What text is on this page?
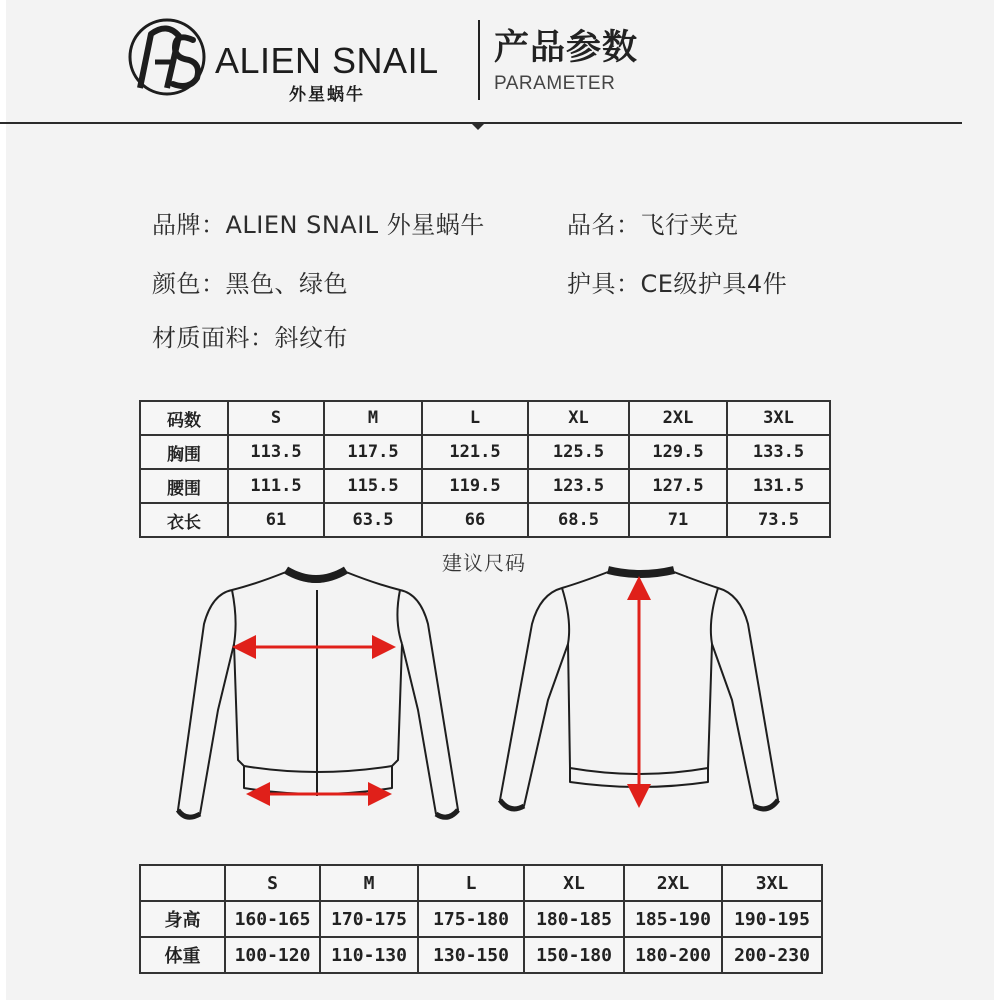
ALIEN SNAIL
外星蜗牛
产品参数
PARAMETER
品牌：ALIEN SNAIL 外星蜗牛	品名：飞行夹克
颜色：黑色、绿色	护具：CE级护具4件
材质面料：斜纹布
码数	S	M	L	XL	2XL	3XL
胸围	113.5	117.5	121.5	125.5	129.5	133.5
腰围	111.5	115.5	119.5	123.5	127.5	131.5
衣长	61	63.5	66	68.5	71	73.5
建议尺码
	S	M	L	XL	2XL	3XL
身高	160-165	170-175	175-180	180-185	185-190	190-195
体重	100-120	110-130	130-150	150-180	180-200	200-230
